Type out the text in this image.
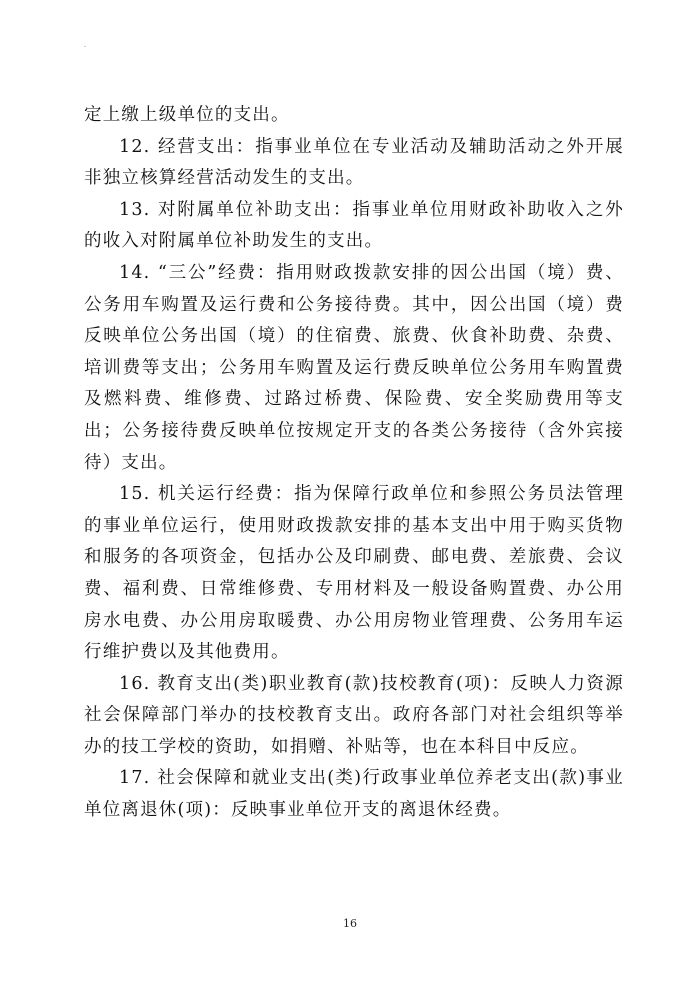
.

定上缴上级单位的支出。

12. 经营支出：指事业单位在专业活动及辅助活动之外开展非独立核算经营活动发生的支出。

13. 对附属单位补助支出：指事业单位用财政补助收入之外的收入对附属单位补助发生的支出。

14. “三公”经费：指用财政拨款安排的因公出国（境）费、公务用车购置及运行费和公务接待费。其中，因公出国（境）费反映单位公务出国（境）的住宿费、旅费、伙食补助费、杂费、培训费等支出；公务用车购置及运行费反映单位公务用车购置费及燃料费、维修费、过路过桥费、保险费、安全奖励费用等支出；公务接待费反映单位按规定开支的各类公务接待（含外宾接待）支出。

15. 机关运行经费：指为保障行政单位和参照公务员法管理的事业单位运行，使用财政拨款安排的基本支出中用于购买货物和服务的各项资金，包括办公及印刷费、邮电费、差旅费、会议费、福利费、日常维修费、专用材料及一般设备购置费、办公用房水电费、办公用房取暖费、办公用房物业管理费、公务用车运行维护费以及其他费用。

16. 教育支出(类)职业教育(款)技校教育(项)：反映人力资源社会保障部门举办的技校教育支出。政府各部门对社会组织等举办的技工学校的资助，如捐赠、补贴等，也在本科目中反应。

17. 社会保障和就业支出(类)行政事业单位养老支出(款)事业单位离退休(项)：反映事业单位开支的离退休经费。

16
